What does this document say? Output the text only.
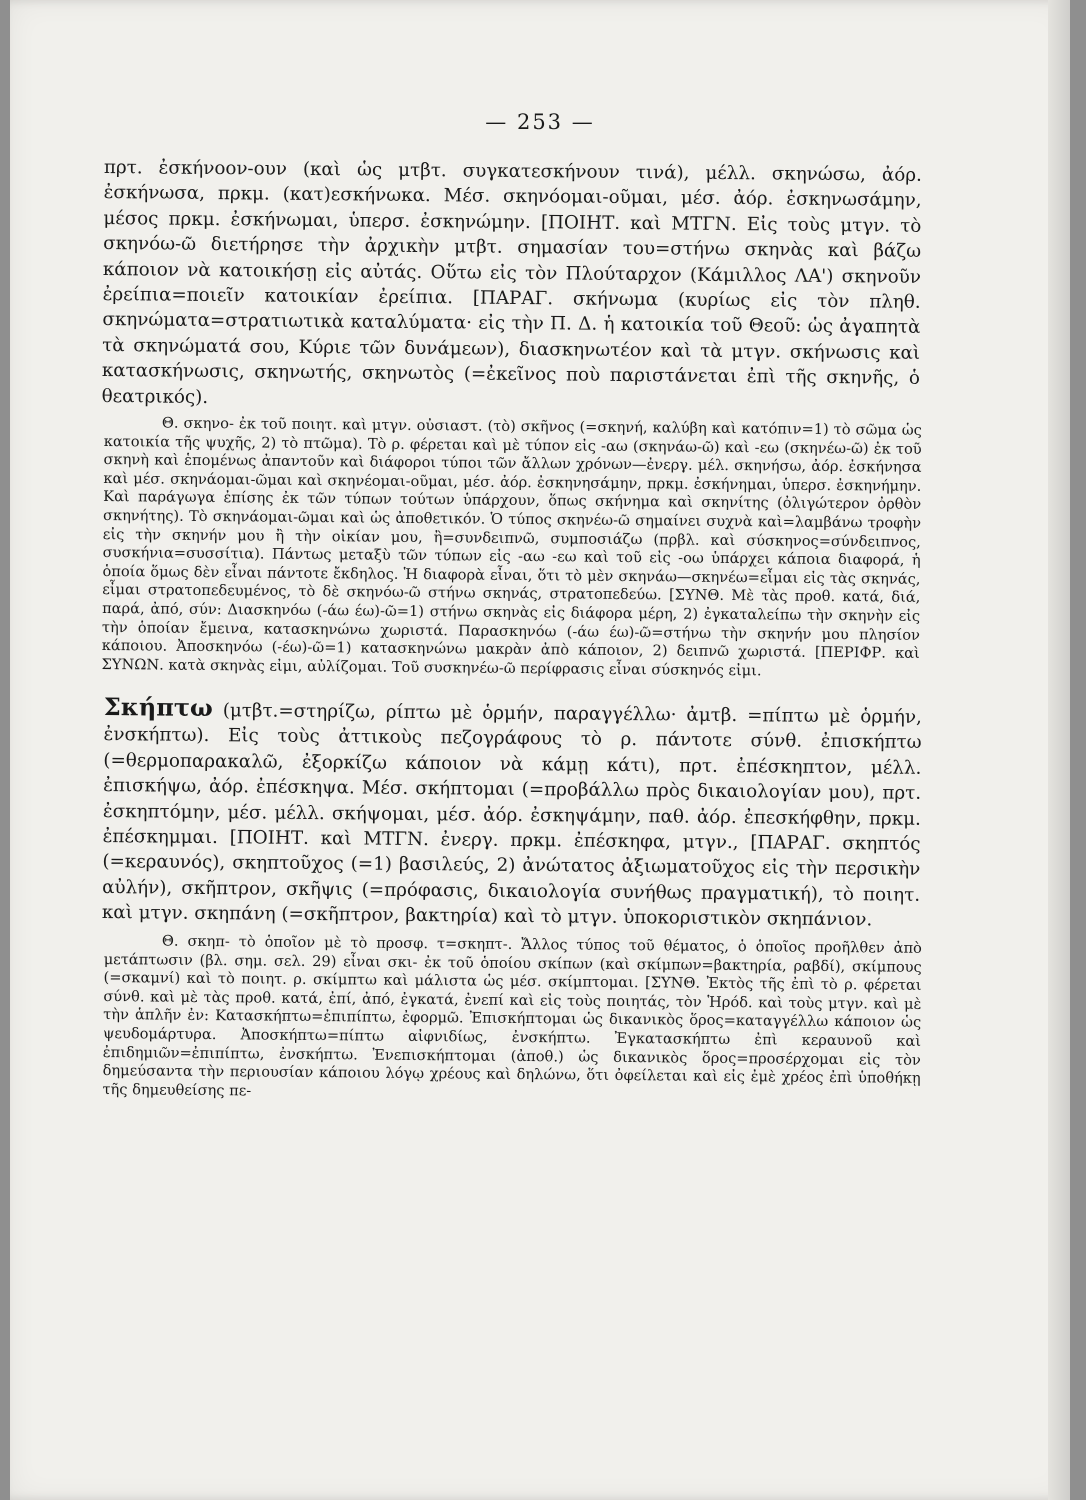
— 253 —

πρτ. ἐσκήνοον-ουν (καὶ ὡς μτβτ. συγκατεσκήνουν τινά), μέλλ. σκηνώσω, ἀόρ. ἐσκήνωσα, πρκμ. (κατ)εσκήνωκα. Μέσ. σκηνόομαι-οῦμαι, μέσ. ἀόρ. ἐσκηνωσάμην, μέσος πρκμ. ἐσκήνωμαι, ὑπερσ. ἐσκηνώμην. [ΠΟΙΗΤ. καὶ ΜΤΓΝ. Εἰς τοὺς μτγν. τὸ σκηνόω-ῶ διετήρησε τὴν ἀρχικὴν μτβτ. σημασίαν του=στήνω σκηνὰς καὶ βάζω κάποιον νὰ κατοικήσῃ εἰς αὐτάς. Οὕτω εἰς τὸν Πλούταρχον (Κάμιλλος ΛΑ') σκηνοῦν ἐρείπια=ποιεῖν κατοικίαν ἐρείπια. [ΠΑΡΑΓ. σκήνωμα (κυρίως εἰς τὸν πληθ. σκηνώματα=στρατιωτικὰ καταλύματα· εἰς τὴν Π. Δ. ἡ κατοικία τοῦ Θεοῦ: ὡς ἀγαπητὰ τὰ σκηνώματά σου, Κύριε τῶν δυνάμεων), διασκηνωτέον καὶ τὰ μτγν. σκήνωσις καὶ κατασκήνωσις, σκηνωτής, σκηνωτὸς (=ἐκεῖνος ποὺ παριστάνεται ἐπὶ τῆς σκηνῆς, ὁ θεατρικός).

Θ. σκηνο- ἐκ τοῦ ποιητ. καὶ μτγν. οὐσιαστ. (τὸ) σκῆνος (=σκηνή, καλύβη καὶ κατόπιν=1) τὸ σῶμα ὡς κατοικία τῆς ψυχῆς, 2) τὸ πτῶμα). Τὸ ρ. φέρεται καὶ μὲ τύπον εἰς -αω (σκηνάω-ῶ) καὶ -εω (σκηνέω-ῶ) ἐκ τοῦ σκηνὴ καὶ ἑπομένως ἀπαντοῦν καὶ διάφοροι τύποι τῶν ἄλλων χρόνων—ἐνεργ. μέλ. σκηνήσω, ἀόρ. ἐσκήνησα καὶ μέσ. σκηνάομαι-ῶμαι καὶ σκηνέομαι-οῦμαι, μέσ. ἀόρ. ἐσκηνησάμην, πρκμ. ἐσκήνημαι, ὑπερσ. ἐσκηνήμην. Καὶ παράγωγα ἐπίσης ἐκ τῶν τύπων τούτων ὑπάρχουν, ὅπως σκήνημα καὶ σκηνίτης (ὀλιγώτερον ὀρθὸν σκηνήτης). Τὸ σκηνάομαι-ῶμαι καὶ ὡς ἀποθετικόν. Ὁ τύπος σκηνέω-ῶ σημαίνει συχνὰ καὶ=λαμβάνω τροφὴν εἰς τὴν σκηνήν μου ἢ τὴν οἰκίαν μου, ἢ=συνδειπνῶ, συμποσιάζω (πρβλ. καὶ σύσκηνος=σύνδειπνος, συσκήνια=συσσίτια). Πάντως μεταξὺ τῶν τύπων εἰς -αω -εω καὶ τοῦ εἰς -οω ὑπάρχει κάποια διαφορά, ἡ ὁποία ὅμως δὲν εἶναι πάντοτε ἔκδηλος. Ἡ διαφορὰ εἶναι, ὅτι τὸ μὲν σκηνάω—σκηνέω=εἶμαι εἰς τὰς σκηνάς, εἶμαι στρατοπεδευμένος, τὸ δὲ σκηνόω-ῶ στήνω σκηνάς, στρατοπεδεύω. [ΣΥΝΘ. Μὲ τὰς προθ. κατά, διά, παρά, ἀπό, σύν: Διασκηνόω (-άω έω)-ῶ=1) στήνω σκηνὰς εἰς διάφορα μέρη, 2) ἐγκαταλείπω τὴν σκηνὴν εἰς τὴν ὁποίαν ἔμεινα, κατασκηνώνω χωριστά. Παρασκηνόω (-άω έω)-ῶ=στήνω τὴν σκηνήν μου πλησίον κάποιου. Ἀποσκηνόω (-έω)-ῶ=1) κατασκηνώνω μακρὰν ἀπὸ κάποιον, 2) δειπνῶ χωριστά. [ΠΕΡΙΦΡ. καὶ ΣΥΝΩΝ. κατὰ σκηνὰς εἰμι, αὐλίζομαι. Τοῦ συσκηνέω-ῶ περίφρασις εἶναι σύσκηνός εἰμι.

Σκήπτω (μτβτ.=στηρίζω, ρίπτω μὲ ὁρμήν, παραγγέλλω· ἀμτβ. =πίπτω μὲ ὁρμήν, ἐνσκήπτω). Εἰς τοὺς ἀττικοὺς πεζογράφους τὸ ρ. πάντοτε σύνθ. ἐπισκήπτω (=θερμοπαρακαλῶ, ἐξορκίζω κάποιον νὰ κάμῃ κάτι), πρτ. ἐπέσκηπτον, μέλλ. ἐπισκήψω, ἀόρ. ἐπέσκηψα. Μέσ. σκήπτομαι (=προβάλλω πρὸς δικαιολογίαν μου), πρτ. ἐσκηπτόμην, μέσ. μέλλ. σκήψομαι, μέσ. ἀόρ. ἐσκηψάμην, παθ. ἀόρ. ἐπεσκήφθην, πρκμ. ἐπέσκημμαι. [ΠΟΙΗΤ. καὶ ΜΤΓΝ. ἐνεργ. πρκμ. ἐπέσκηφα, μτγν., [ΠΑΡΑΓ. σκηπτός (=κεραυνός), σκηπτοῦχος (=1) βασιλεύς, 2) ἀνώτατος ἀξιωματοῦχος εἰς τὴν περσικὴν αὐλήν), σκῆπτρον, σκῆψις (=πρόφασις, δικαιολογία συνήθως πραγματική), τὸ ποιητ. καὶ μτγν. σκηπάνη (=σκῆπτρον, βακτηρία) καὶ τὸ μτγν. ὑποκοριστικὸν σκηπάνιον.

Θ. σκηπ- τὸ ὁποῖον μὲ τὸ προσφ. τ=σκηπτ-. Ἄλλος τύπος τοῦ θέματος, ὁ ὁποῖος προῆλθεν ἀπὸ μετάπτωσιν (βλ. σημ. σελ. 29) εἶναι σκι- ἐκ τοῦ ὁποίου σκίπων (καὶ σκίμπων=βακτηρία, ραβδί), σκίμπους (=σκαμνί) καὶ τὸ ποιητ. ρ. σκίμπτω καὶ μάλιστα ὡς μέσ. σκίμπτομαι. [ΣΥΝΘ. Ἐκτὸς τῆς ἐπὶ τὸ ρ. φέρεται σύνθ. καὶ μὲ τὰς προθ. κατά, ἐπί, ἀπό, ἐγκατά, ἐνεπί καὶ εἰς τοὺς ποιητάς, τὸν Ἡρόδ. καὶ τοὺς μτγν. καὶ μὲ τὴν ἁπλῆν ἐν: Κατασκήπτω=ἐπιπίπτω, ἐφορμῶ. Ἐπισκήπτομαι ὡς δικανικὸς ὅρος=καταγγέλλω κάποιον ὡς ψευδομάρτυρα. Ἀποσκήπτω=πίπτω αἰφνιδίως, ἐνσκήπτω. Ἐγκατασκήπτω ἐπὶ κεραυνοῦ καὶ ἐπιδημιῶν=ἐπιπίπτω, ἐνσκήπτω. Ἐνεπισκήπτομαι (ἀποθ.) ὡς δικανικὸς ὅρος=προσέρχομαι εἰς τὸν δημεύσαντα τὴν περιουσίαν κάποιου λόγῳ χρέους καὶ δηλώνω, ὅτι ὀφείλεται καὶ εἰς ἐμὲ χρέος ἐπὶ ὑποθήκῃ τῆς δημευθείσης πε-
